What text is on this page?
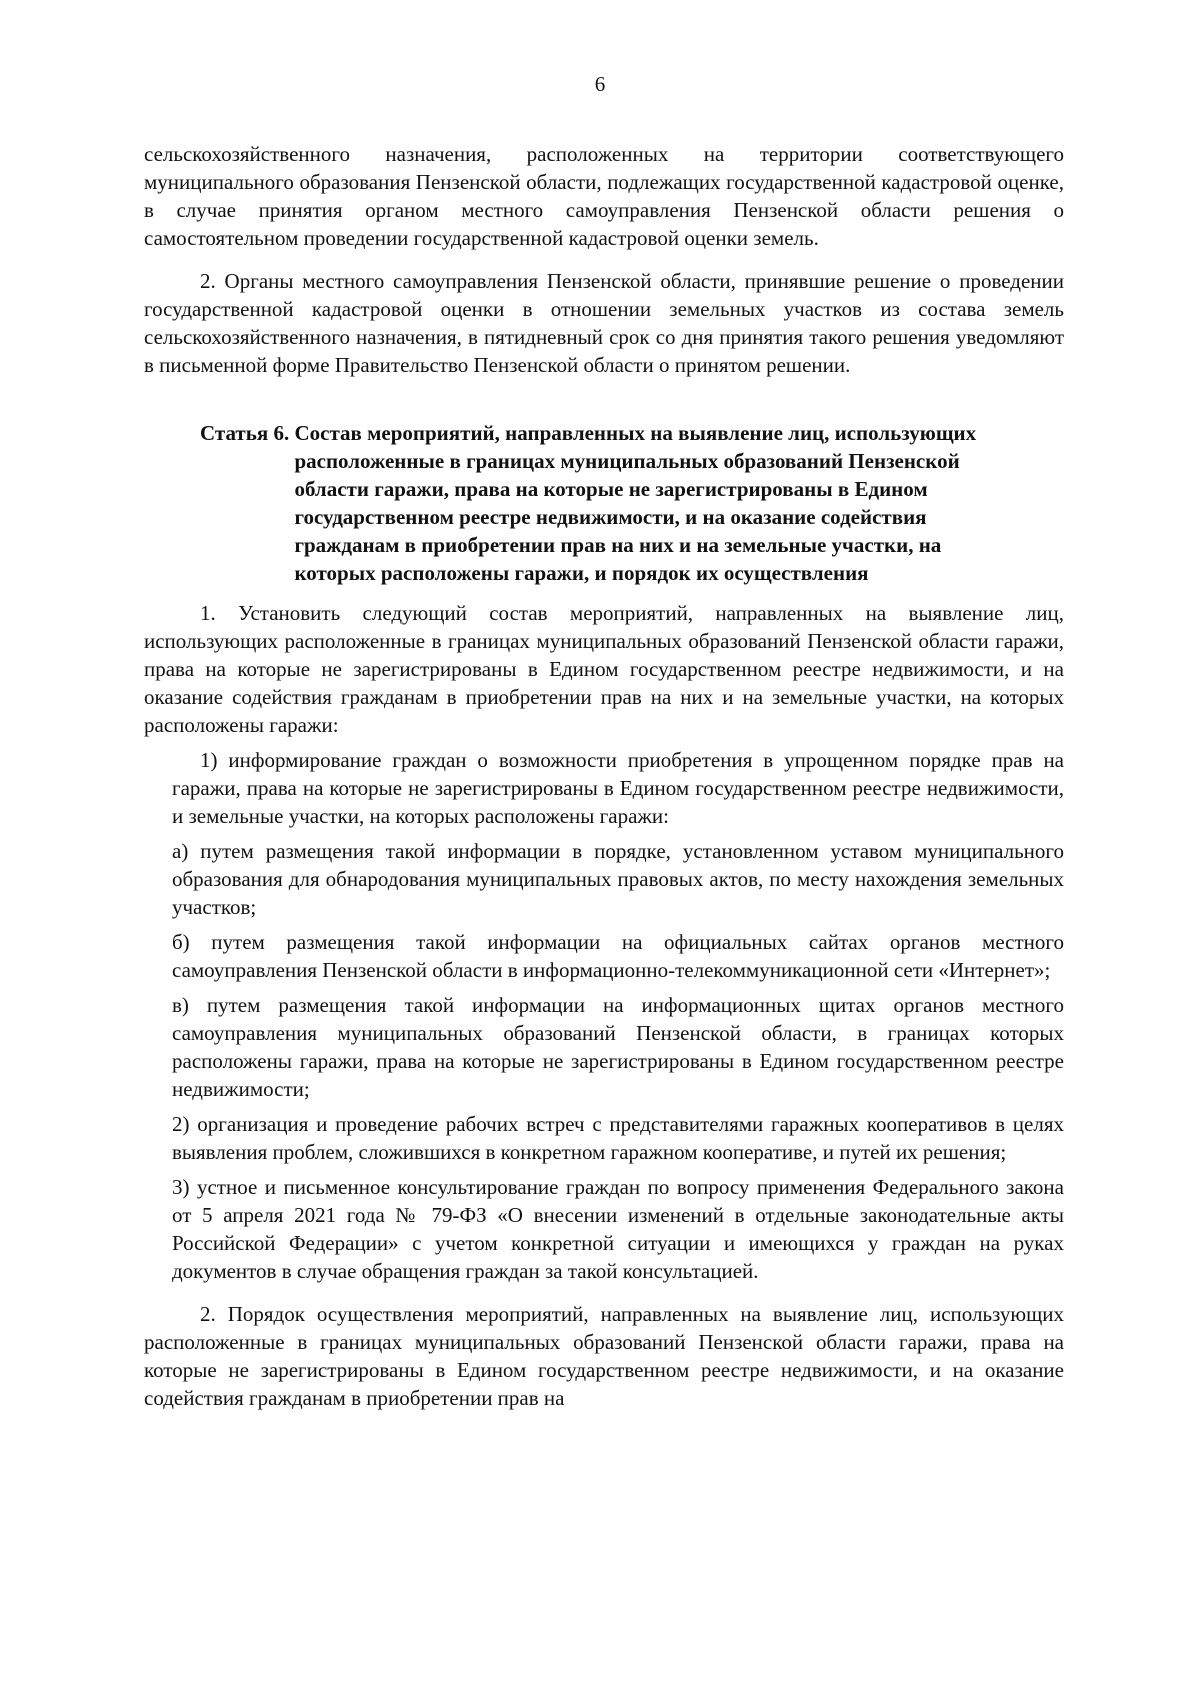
6

сельскохозяйственного назначения, расположенных на территории соответствующего муниципального образования Пензенской области, подлежащих государственной кадастровой оценке, в случае принятия органом местного самоуправления Пензенской области решения о самостоятельном проведении государственной кадастровой оценки земель.

2. Органы местного самоуправления Пензенской области, принявшие решение о проведении государственной кадастровой оценки в отношении земельных участков из состава земель сельскохозяйственного назначения, в пятидневный срок со дня принятия такого решения уведомляют в письменной форме Правительство Пензенской области о принятом решении.

Статья 6.
Состав мероприятий, направленных на выявление лиц, использующих расположенные в границах муниципальных образований Пензенской области гаражи, права на которые не зарегистрированы в Едином государственном реестре недвижимости, и на оказание содействия гражданам в приобретении прав на них и на земельные участки, на которых расположены гаражи, и порядок их осуществления

1. Установить следующий состав мероприятий, направленных на выявление лиц, использующих расположенные в границах муниципальных образований Пензенской области гаражи, права на которые не зарегистрированы в Едином государственном реестре недвижимости, и на оказание содействия гражданам в приобретении прав на них и на земельные участки, на которых расположены гаражи:

1) информирование граждан о возможности приобретения в упрощенном порядке прав на гаражи, права на которые не зарегистрированы в Едином государственном реестре недвижимости, и земельные участки, на которых расположены гаражи:

а) путем размещения такой информации в порядке, установленном уставом муниципального образования для обнародования муниципальных правовых актов, по месту нахождения земельных участков;

б) путем размещения такой информации на официальных сайтах органов местного самоуправления Пензенской области в информационно-телекоммуникационной сети «Интернет»;

в) путем размещения такой информации на информационных щитах органов местного самоуправления муниципальных образований Пензенской области, в границах которых расположены гаражи, права на которые не зарегистрированы в Едином государственном реестре недвижимости;

2) организация и проведение рабочих встреч с представителями гаражных кооперативов в целях выявления проблем, сложившихся в конкретном гаражном кооперативе, и путей их решения;

3) устное и письменное консультирование граждан по вопросу применения Федерального закона от 5 апреля 2021 года № 79-ФЗ «О внесении изменений в отдельные законодательные акты Российской Федерации» с учетом конкретной ситуации и имеющихся у граждан на руках документов в случае обращения граждан за такой консультацией.

2. Порядок осуществления мероприятий, направленных на выявление лиц, использующих расположенные в границах муниципальных образований Пензенской области гаражи, права на которые не зарегистрированы в Едином государственном реестре недвижимости, и на оказание содействия гражданам в приобретении прав на
